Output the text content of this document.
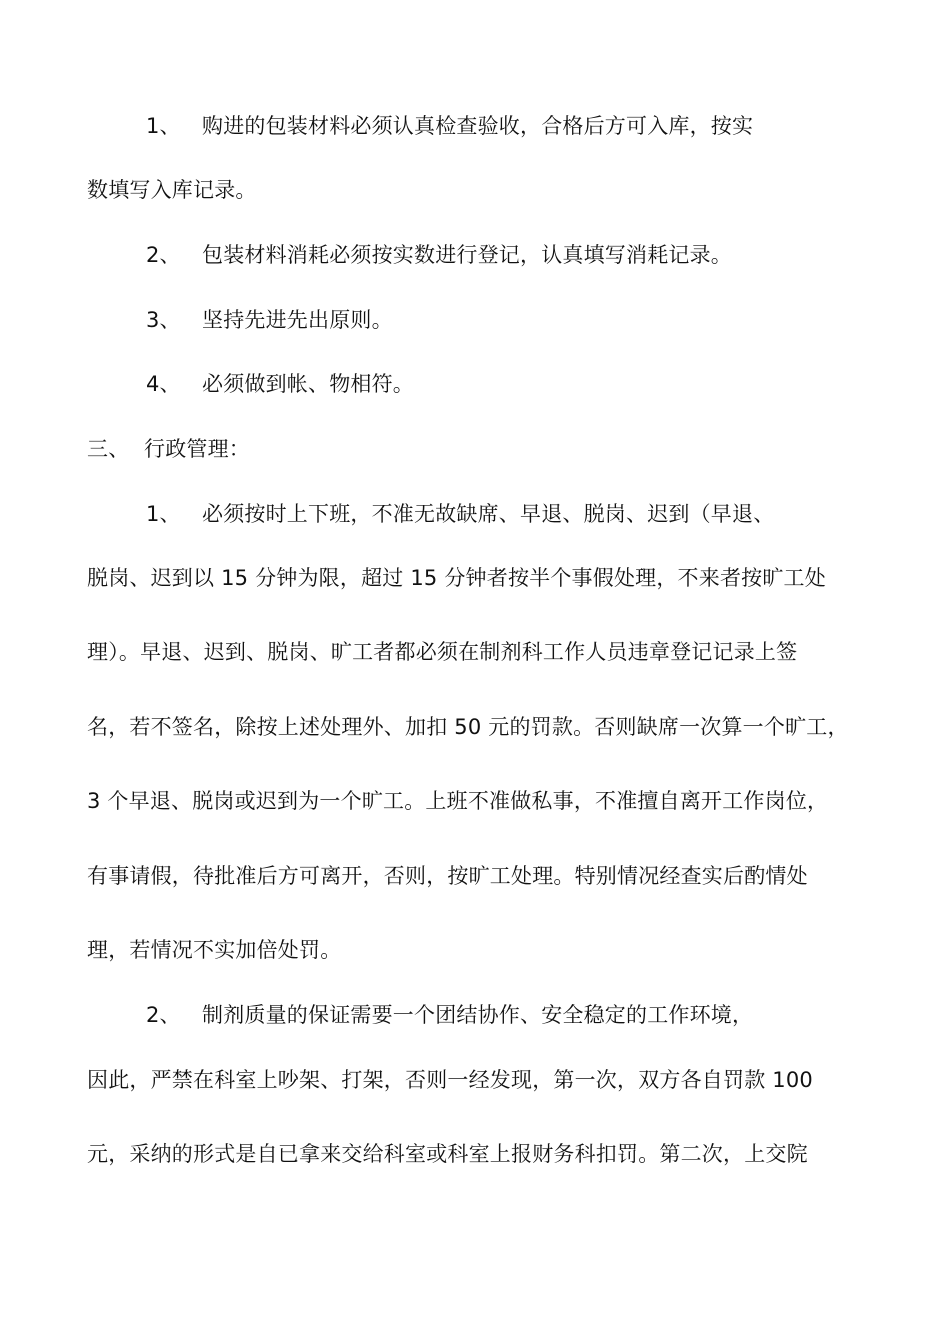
1、 购进的包装材料必须认真检查验收，合格后方可入库，按实
数填写入库记录。
2、 包装材料消耗必须按实数进行登记，认真填写消耗记录。
3、 坚持先进先出原则。
4、 必须做到帐、物相符。
三、 行政管理：
1、 必须按时上下班，不准无故缺席、早退、脱岗、迟到（早退、
脱岗、迟到以 15 分钟为限，超过 15 分钟者按半个事假处理，不来者按旷工处
理）。早退、迟到、脱岗、旷工者都必须在制剂科工作人员违章登记记录上签
名，若不签名，除按上述处理外、加扣 50 元的罚款。否则缺席一次算一个旷工，
3 个早退、脱岗或迟到为一个旷工。上班不准做私事，不准擅自离开工作岗位，
有事请假，待批准后方可离开，否则，按旷工处理。特别情况经查实后酌情处
理，若情况不实加倍处罚。
2、 制剂质量的保证需要一个团结协作、安全稳定的工作环境，
因此，严禁在科室上吵架、打架，否则一经发现，第一次，双方各自罚款 100
元，采纳的形式是自已拿来交给科室或科室上报财务科扣罚。第二次，上交院
